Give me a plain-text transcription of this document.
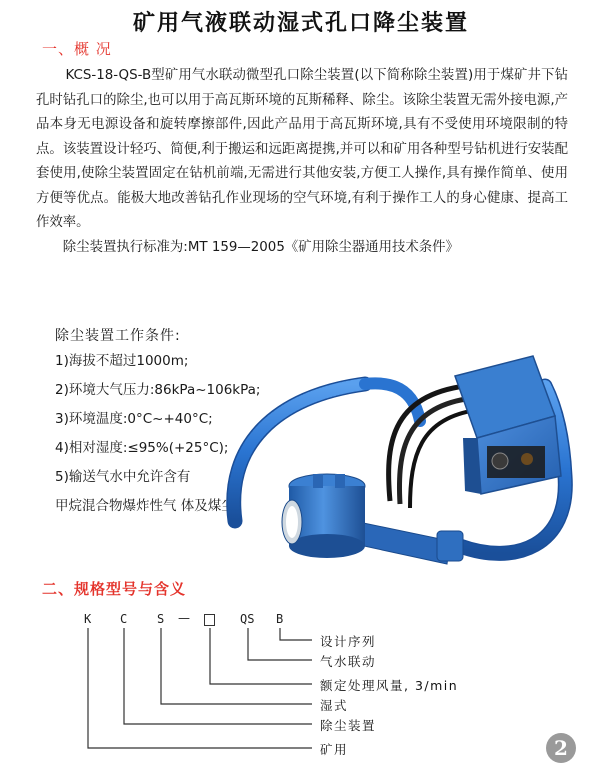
矿用气液联动湿式孔口降尘装置
一、概 况

KCS-18-QS-B型矿用气水联动微型孔口除尘装置(以下简称除尘装置)用于煤矿井下钻孔时钻孔口的除尘,也可以用于高瓦斯环境的瓦斯稀释、除尘。该除尘装置无需外接电源,产品本身无电源设备和旋转摩擦部件,因此产品用于高瓦斯环境,具有不受使用环境限制的特点。该装置设计轻巧、简便,利于搬运和远距离提携,并可以和矿用各种型号钻机进行安装配套使用,使除尘装置固定在钻机前端,无需进行其他安装,方便工人操作,具有操作简单、使用方便等优点。能极大地改善钻孔作业现场的空气环境,有利于操作工人的身心健康、提高工作效率。

除尘装置执行标准为:MT 159—2005《矿用除尘器通用技术条件》

除尘装置工作条件:
1) 海拔不超过1000m;
2) 环境大气压力:86kPa~106kPa;
3) 环境温度:0°C~+40°C;
4) 相对湿度:≤95%(+25°C);
5) 输送气水中允许含有
甲烷混合物爆炸性气 体及煤尘。
二、规格型号与含义
K C S —	QS B
设计序列
气水联动
额定处理风量, 3/min
湿式
除尘装置
矿用	2
